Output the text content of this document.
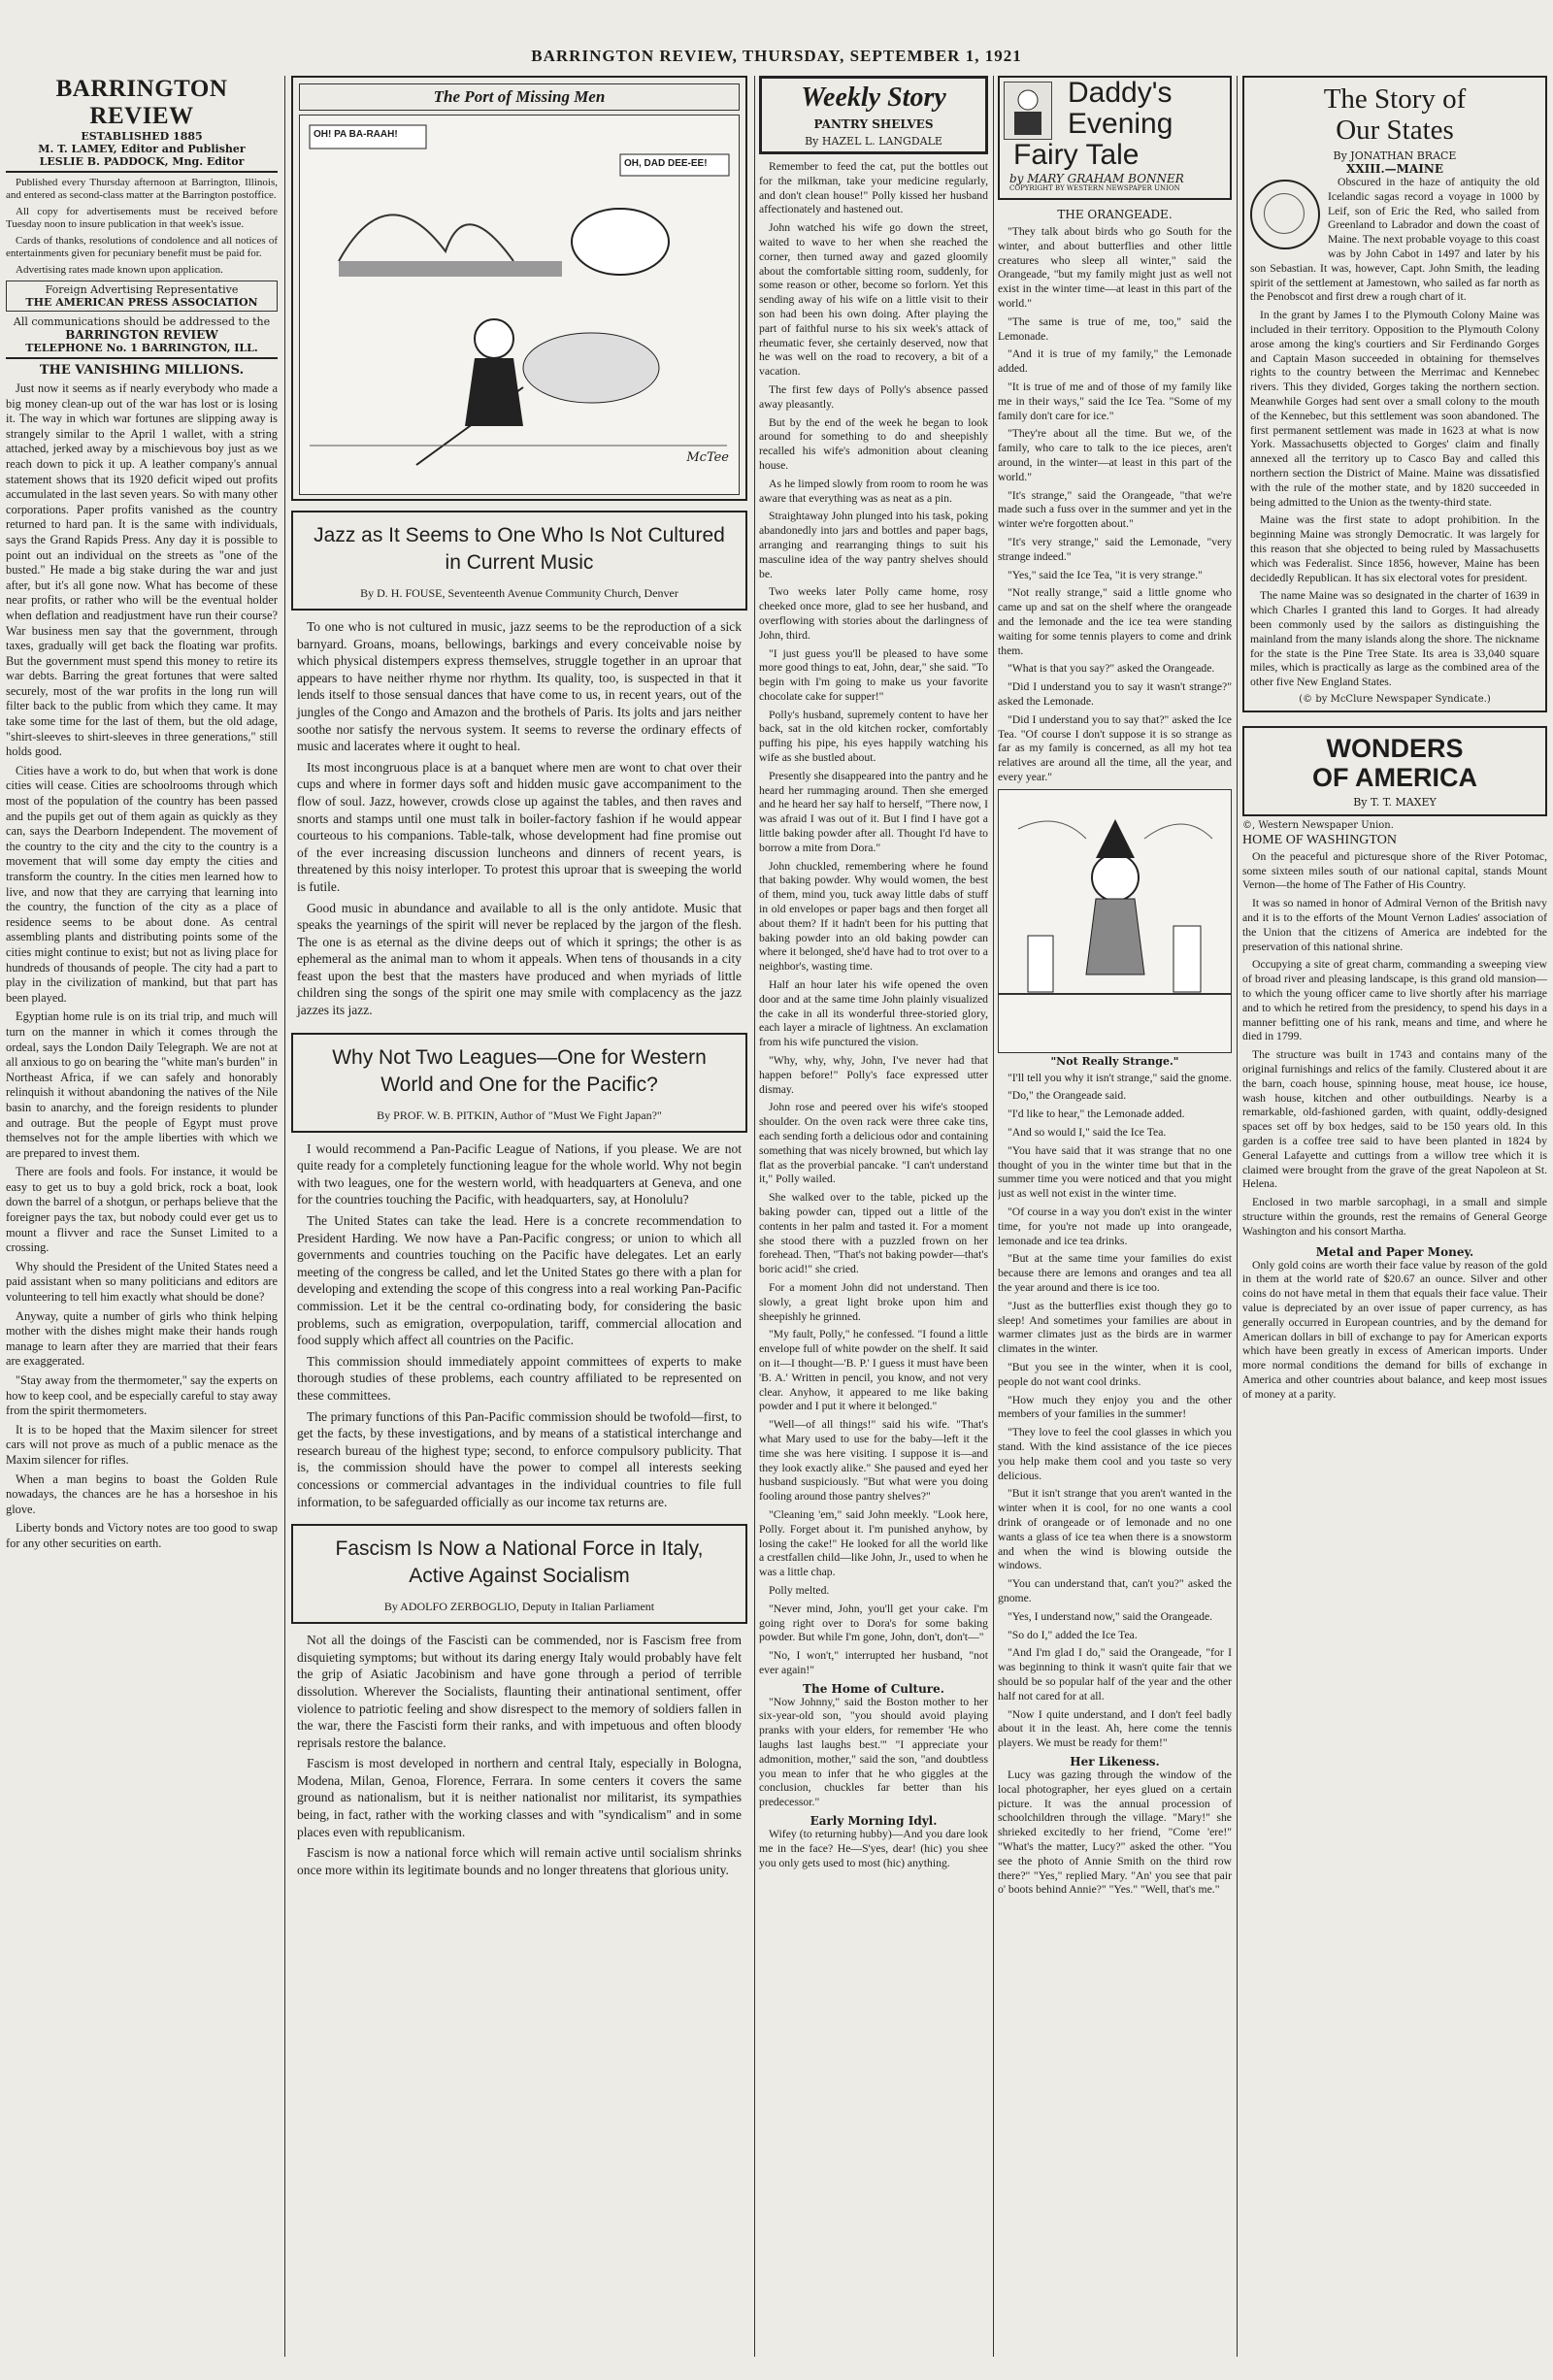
BARRINGTON REVIEW, THURSDAY, SEPTEMBER 1, 1921
BARRINGTON REVIEW
ESTABLISHED 1885
M. T. LAMEY, Editor and Publisher
LESLIE B. PADDOCK, Mng. Editor

Published every Thursday afternoon at Barrington, Illinois, and entered as second-class matter at the Barrington postoffice.

All copy for advertisements must be received before Tuesday noon to insure publication in that week's issue.

Cards of thanks, resolutions of condolence and all notices of entertainments given for pecuniary benefit must be paid for.

Advertising rates made known upon application.

Foreign Advertising Representative
THE AMERICAN PRESS ASSOCIATION
All communications should be addressed to the
BARRINGTON REVIEW
TELEPHONE No. 1 BARRINGTON, ILL.
THE VANISHING MILLIONS.

Just now it seems as if nearly everybody who made a big money clean-up out of the war has lost or is losing it. The way in which war fortunes are slipping away is strangely similar to the April 1 wallet, with a string attached, jerked away by a mischievous boy just as we reach down to pick it up. A leather company's annual statement shows that its 1920 deficit wiped out profits accumulated in the last seven years. So with many other corporations. Paper profits vanished as the country returned to hard pan. It is the same with individuals, says the Grand Rapids Press. Any day it is possible to point out an individual on the streets as "one of the busted." He made a big stake during the war and just after, but it's all gone now. What has become of these near profits, or rather who will be the eventual holder when deflation and readjustment have run their course? War business men say that the government, through taxes, gradually will get back the floating war profits. But the government must spend this money to retire its war debts. Barring the great fortunes that were salted securely, most of the war profits in the long run will filter back to the public from which they came. It may take some time for the last of them, but the old adage, "shirt-sleeves to shirt-sleeves in three generations," still holds good.

Cities have a work to do, but when that work is done cities will cease. Cities are schoolrooms through which most of the population of the country has been passed and the pupils get out of them again as quickly as they can, says the Dearborn Independent. The movement of the country to the city and the city to the country is a movement that will some day empty the cities and transform the country. In the cities men learned how to live, and now that they are carrying that learning into the country, the function of the city as a place of residence seems to be about done. As central assembling plants and distributing points some of the cities might continue to exist; but not as living place for hundreds of thousands of people. The city had a part to play in the civilization of mankind, but that part has been played.

Egyptian home rule is on its trial trip, and much will turn on the manner in which it comes through the ordeal, says the London Daily Telegraph. We are not at all anxious to go on bearing the "white man's burden" in Northeast Africa, if we can safely and honorably relinquish it without abandoning the natives of the Nile basin to anarchy, and the foreign residents to plunder and outrage. But the people of Egypt must prove themselves not for the ample liberties with which we are prepared to invest them.

There are fools and fools. For instance, it would be easy to get us to buy a gold brick, rock a boat, look down the barrel of a shotgun, or perhaps believe that the foreigner pays the tax, but nobody could ever get us to mount a flivver and race the Sunset Limited to a crossing.

Why should the President of the United States need a paid assistant when so many politicians and editors are volunteering to tell him exactly what should be done?

Anyway, quite a number of girls who think helping mother with the dishes might make their hands rough manage to learn after they are married that their fears are exaggerated.

"Stay away from the thermometer," say the experts on how to keep cool, and be especially careful to stay away from the spirit thermometers.

It is to be hoped that the Maxim silencer for street cars will not prove as much of a public menace as the Maxim silencer for rifles.

When a man begins to boast the Golden Rule nowadays, the chances are he has a horseshoe in his glove.

Liberty bonds and Victory notes are too good to swap for any other securities on earth.

The Port of Missing Men
OH! PA BA-RAAH!
OH, DAD DEE-EE!
McTee
Jazz as It Seems to One Who Is Not Cultured in Current Music
By D. H. FOUSE, Seventeenth Avenue Community Church, Denver

To one who is not cultured in music, jazz seems to be the reproduction of a sick barnyard. Groans, moans, bellowings, barkings and every conceivable noise by which physical distempers express themselves, struggle together in an uproar that appears to have neither rhyme nor rhythm. Its quality, too, is suspected in that it lends itself to those sensual dances that have come to us, in recent years, out of the jungles of the Congo and Amazon and the brothels of Paris. Its jolts and jars neither soothe nor satisfy the nervous system. It seems to reverse the ordinary effects of music and lacerates where it ought to heal.

Its most incongruous place is at a banquet where men are wont to chat over their cups and where in former days soft and hidden music gave accompaniment to the flow of soul. Jazz, however, crowds close up against the tables, and then raves and snorts and stamps until one must talk in boiler-factory fashion if he would appear courteous to his companions. Table-talk, whose development had fine promise out of the ever increasing discussion luncheons and dinners of recent years, is threatened by this noisy interloper. To protest this uproar that is sweeping the world is futile.

Good music in abundance and available to all is the only antidote. Music that speaks the yearnings of the spirit will never be replaced by the jargon of the flesh. The one is as eternal as the divine deeps out of which it springs; the other is as ephemeral as the animal man to whom it appeals. When tens of thousands in a city feast upon the best that the masters have produced and when myriads of little children sing the songs of the spirit one may smile with complacency as the jazz jazzes its jazz.

Why Not Two Leagues—One for Western World and One for the Pacific?
By PROF. W. B. PITKIN, Author of "Must We Fight Japan?"

I would recommend a Pan-Pacific League of Nations, if you please. We are not quite ready for a completely functioning league for the whole world. Why not begin with two leagues, one for the western world, with headquarters at Geneva, and one for the countries touching the Pacific, with headquarters, say, at Honolulu?

The United States can take the lead. Here is a concrete recommendation to President Harding. We now have a Pan-Pacific congress; or union to which all governments and countries touching on the Pacific have delegates. Let an early meeting of the congress be called, and let the United States go there with a plan for developing and extending the scope of this congress into a real working Pan-Pacific commission. Let it be the central co-ordinating body, for considering the basic problems, such as emigration, overpopulation, tariff, commercial allocation and food supply which affect all countries on the Pacific.

This commission should immediately appoint committees of experts to make thorough studies of these problems, each country affiliated to be represented on these committees.

The primary functions of this Pan-Pacific commission should be twofold—first, to get the facts, by these investigations, and by means of a statistical interchange and research bureau of the highest type; second, to enforce compulsory publicity. That is, the commission should have the power to compel all interests seeking concessions or commercial advantages in the individual countries to file full information, to be safeguarded officially as our income tax returns are.

Fascism Is Now a National Force in Italy, Active Against Socialism
By ADOLFO ZERBOGLIO, Deputy in Italian Parliament

Not all the doings of the Fascisti can be commended, nor is Fascism free from disquieting symptoms; but without its daring energy Italy would probably have felt the grip of Asiatic Jacobinism and have gone through a period of terrible dissolution. Wherever the Socialists, flaunting their antinational sentiment, offer violence to patriotic feeling and show disrespect to the memory of soldiers fallen in the war, there the Fascisti form their ranks, and with impetuous and often bloody reprisals restore the balance.

Fascism is most developed in northern and central Italy, especially in Bologna, Modena, Milan, Genoa, Florence, Ferrara. In some centers it covers the same ground as nationalism, but it is neither nationalist nor militarist, its sympathies being, in fact, rather with the working classes and with "syndicalism" and in some places even with republicanism.

Fascism is now a national force which will remain active until socialism shrinks once more within its legitimate bounds and no longer threatens that glorious unity.

Weekly Story
PANTRY SHELVES
By HAZEL L. LANGDALE

Remember to feed the cat, put the bottles out for the milkman, take your medicine regularly, and don't clean house!" Polly kissed her husband affectionately and hastened out.

John watched his wife go down the street, waited to wave to her when she reached the corner, then turned away and gazed gloomily about the comfortable sitting room, suddenly, for some reason or other, become so forlorn. Yet this sending away of his wife on a little visit to their son had been his own doing. After playing the part of faithful nurse to his six week's attack of rheumatic fever, she certainly deserved, now that he was well on the road to recovery, a bit of a vacation.

The first few days of Polly's absence passed away pleasantly.

But by the end of the week he began to look around for something to do and sheepishly recalled his wife's admonition about cleaning house.

As he limped slowly from room to room he was aware that everything was as neat as a pin.

Straightaway John plunged into his task, poking abandonedly into jars and bottles and paper bags, arranging and rearranging things to suit his masculine idea of the way pantry shelves should be.

Two weeks later Polly came home, rosy cheeked once more, glad to see her husband, and overflowing with stories about the darlingness of John, third.

"I just guess you'll be pleased to have some more good things to eat, John, dear," she said. "To begin with I'm going to make us your favorite chocolate cake for supper!"

Polly's husband, supremely content to have her back, sat in the old kitchen rocker, comfortably puffing his pipe, his eyes happily watching his wife as she bustled about.

Presently she disappeared into the pantry and he heard her rummaging around. Then she emerged and he heard her say half to herself, "There now, I was afraid I was out of it. But I find I have got a little baking powder after all. Thought I'd have to borrow a mite from Dora."

John chuckled, remembering where he found that baking powder. Why would women, the best of them, mind you, tuck away little dabs of stuff in old envelopes or paper bags and then forget all about them? If it hadn't been for his putting that baking powder into an old baking powder can where it belonged, she'd have had to trot over to a neighbor's, wasting time.

Half an hour later his wife opened the oven door and at the same time John plainly visualized the cake in all its wonderful three-storied glory, each layer a miracle of lightness. An exclamation from his wife punctured the vision.

"Why, why, why, John, I've never had that happen before!" Polly's face expressed utter dismay.

John rose and peered over his wife's stooped shoulder. On the oven rack were three cake tins, each sending forth a delicious odor and containing something that was nicely browned, but which lay flat as the proverbial pancake. "I can't understand it," Polly wailed.

She walked over to the table, picked up the baking powder can, tipped out a little of the contents in her palm and tasted it. For a moment she stood there with a puzzled frown on her forehead. Then, "That's not baking powder—that's boric acid!" she cried.

For a moment John did not understand. Then slowly, a great light broke upon him and sheepishly he grinned.

"My fault, Polly," he confessed. "I found a little envelope full of white powder on the shelf. It said on it—I thought—'B. P.' I guess it must have been 'B. A.' Written in pencil, you know, and not very clear. Anyhow, it appeared to me like baking powder and I put it where it belonged."

"Well—of all things!" said his wife. "That's what Mary used to use for the baby—left it the time she was here visiting. I suppose it is—and they look exactly alike." She paused and eyed her husband suspiciously. "But what were you doing fooling around those pantry shelves?"

"Cleaning 'em," said John meekly. "Look here, Polly. Forget about it. I'm punished anyhow, by losing the cake!" He looked for all the world like a crestfallen child—like John, Jr., used to when he was a little chap.

Polly melted.

"Never mind, John, you'll get your cake. I'm going right over to Dora's for some baking powder. But while I'm gone, John, don't, don't—"

"No, I won't," interrupted her husband, "not ever again!"

The Home of Culture.

"Now Johnny," said the Boston mother to her six-year-old son, "you should avoid playing pranks with your elders, for remember 'He who laughs last laughs best.'" "I appreciate your admonition, mother," said the son, "and doubtless you mean to infer that he who giggles at the conclusion, chuckles far better than his predecessor."

Early Morning Idyl.

Wifey (to returning hubby)—And you dare look me in the face? He—S'yes, dear! (hic) you shee you only gets used to most (hic) anything.

Daddy's
Evening
Fairy Tale
by MARY GRAHAM BONNER
COPYRIGHT BY WESTERN NEWSPAPER UNION
THE ORANGEADE.

"They talk about birds who go South for the winter, and about butterflies and other little creatures who sleep all winter," said the Orangeade, "but my family might just as well not exist in the winter time—at least in this part of the world."

"The same is true of me, too," said the Lemonade.

"And it is true of my family," the Lemonade added.

"It is true of me and of those of my family like me in their ways," said the Ice Tea. "Some of my family don't care for ice."

"They're about all the time. But we, of the family, who care to talk to the ice pieces, aren't around, in the winter—at least in this part of the world."

"It's strange," said the Orangeade, "that we're made such a fuss over in the summer and yet in the winter we're forgotten about."

"It's very strange," said the Lemonade, "very strange indeed."

"Yes," said the Ice Tea, "it is very strange."

"Not really strange," said a little gnome who came up and sat on the shelf where the orangeade and the lemonade and the ice tea were standing waiting for some tennis players to come and drink them.

"What is that you say?" asked the Orangeade.

"Did I understand you to say it wasn't strange?" asked the Lemonade.

"Did I understand you to say that?" asked the Ice Tea. "Of course I don't suppose it is so strange as far as my family is concerned, as all my hot tea relatives are around all the time, all the year, and every year."

"Not Really Strange."

"I'll tell you why it isn't strange," said the gnome.

"Do," the Orangeade said.

"I'd like to hear," the Lemonade added.

"And so would I," said the Ice Tea.

"You have said that it was strange that no one thought of you in the winter time but that in the summer time you were noticed and that you might just as well not exist in the winter time.

"Of course in a way you don't exist in the winter time, for you're not made up into orangeade, lemonade and ice tea drinks.

"But at the same time your families do exist because there are lemons and oranges and tea all the year around and there is ice too.

"Just as the butterflies exist though they go to sleep! And sometimes your families are about in warmer climates just as the birds are in warmer climates in the winter.

"But you see in the winter, when it is cool, people do not want cool drinks.

"How much they enjoy you and the other members of your families in the summer!

"They love to feel the cool glasses in which you stand. With the kind assistance of the ice pieces you help make them cool and you taste so very delicious.

"But it isn't strange that you aren't wanted in the winter when it is cool, for no one wants a cool drink of orangeade or of lemonade and no one wants a glass of ice tea when there is a snowstorm and when the wind is blowing outside the windows.

"You can understand that, can't you?" asked the gnome.

"Yes, I understand now," said the Orangeade.

"So do I," added the Ice Tea.

"And I'm glad I do," said the Orangeade, "for I was beginning to think it wasn't quite fair that we should be so popular half of the year and the other half not cared for at all.

"Now I quite understand, and I don't feel badly about it in the least. Ah, here come the tennis players. We must be ready for them!"

Her Likeness.

Lucy was gazing through the window of the local photographer, her eyes glued on a certain picture. It was the annual procession of schoolchildren through the village. "Mary!" she shrieked excitedly to her friend, "Come 'ere!" "What's the matter, Lucy?" asked the other. "You see the photo of Annie Smith on the third row there?" "Yes," replied Mary. "An' you see that pair o' boots behind Annie?" "Yes." "Well, that's me."

The Story of
Our States
By JONATHAN BRACE
XXIII.—MAINE

Obscured in the haze of antiquity the old Icelandic sagas record a voyage in 1000 by Leif, son of Eric the Red, who sailed from Greenland to Labrador and down the coast of Maine. The next probable voyage to this coast was by John Cabot in 1497 and later by his son Sebastian. It was, however, Capt. John Smith, the leading spirit of the settlement at Jamestown, who sailed as far north as the Penobscot and first drew a rough chart of it.

In the grant by James I to the Plymouth Colony Maine was included in their territory. Opposition to the Plymouth Colony arose among the king's courtiers and Sir Ferdinando Gorges and Captain Mason succeeded in obtaining for themselves rights to the country between the Merrimac and Kennebec rivers. This they divided, Gorges taking the northern section. Meanwhile Gorges had sent over a small colony to the mouth of the Kennebec, but this settlement was soon abandoned. The first permanent settlement was made in 1623 at what is now York. Massachusetts objected to Gorges' claim and finally annexed all the territory up to Casco Bay and called this northern section the District of Maine. Maine was dissatisfied with the rule of the mother state, and by 1820 succeeded in being admitted to the Union as the twenty-third state.

Maine was the first state to adopt prohibition. In the beginning Maine was strongly Democratic. It was largely for this reason that she objected to being ruled by Massachusetts which was Federalist. Since 1856, however, Maine has been decidedly Republican. It has six electoral votes for president.

The name Maine was so designated in the charter of 1639 in which Charles I granted this land to Gorges. It had already been commonly used by the sailors as distinguishing the mainland from the many islands along the shore. The nickname for the state is the Pine Tree State. Its area is 33,040 square miles, which is practically as large as the combined area of the other five New England States.

(© by McClure Newspaper Syndicate.)
WONDERS
OF AMERICA
By T. T. MAXEY
©, Western Newspaper Union.
HOME OF WASHINGTON

On the peaceful and picturesque shore of the River Potomac, some sixteen miles south of our national capital, stands Mount Vernon—the home of The Father of His Country.

It was so named in honor of Admiral Vernon of the British navy and it is to the efforts of the Mount Vernon Ladies' association of the Union that the citizens of America are indebted for the preservation of this national shrine.

Occupying a site of great charm, commanding a sweeping view of broad river and pleasing landscape, is this grand old mansion—to which the young officer came to live shortly after his marriage and to which he retired from the presidency, to spend his days in a manner befitting one of his rank, means and time, and where he died in 1799.

The structure was built in 1743 and contains many of the original furnishings and relics of the family. Clustered about it are the barn, coach house, spinning house, meat house, ice house, wash house, kitchen and other outbuildings. Nearby is a remarkable, old-fashioned garden, with quaint, oddly-designed spaces set off by box hedges, said to be 150 years old. In this garden is a coffee tree said to have been planted in 1824 by General Lafayette and cuttings from a willow tree which it is claimed were brought from the grave of the great Napoleon at St. Helena.

Enclosed in two marble sarcophagi, in a small and simple structure within the grounds, rest the remains of General George Washington and his consort Martha.

Metal and Paper Money.

Only gold coins are worth their face value by reason of the gold in them at the world rate of $20.67 an ounce. Silver and other coins do not have metal in them that equals their face value. Their value is depreciated by an over issue of paper currency, as has generally occurred in European countries, and by the demand for American dollars in bill of exchange to pay for American exports which have been greatly in excess of American imports. Under more normal conditions the demand for bills of exchange in America and other countries about balance, and keep most issues of money at a parity.
